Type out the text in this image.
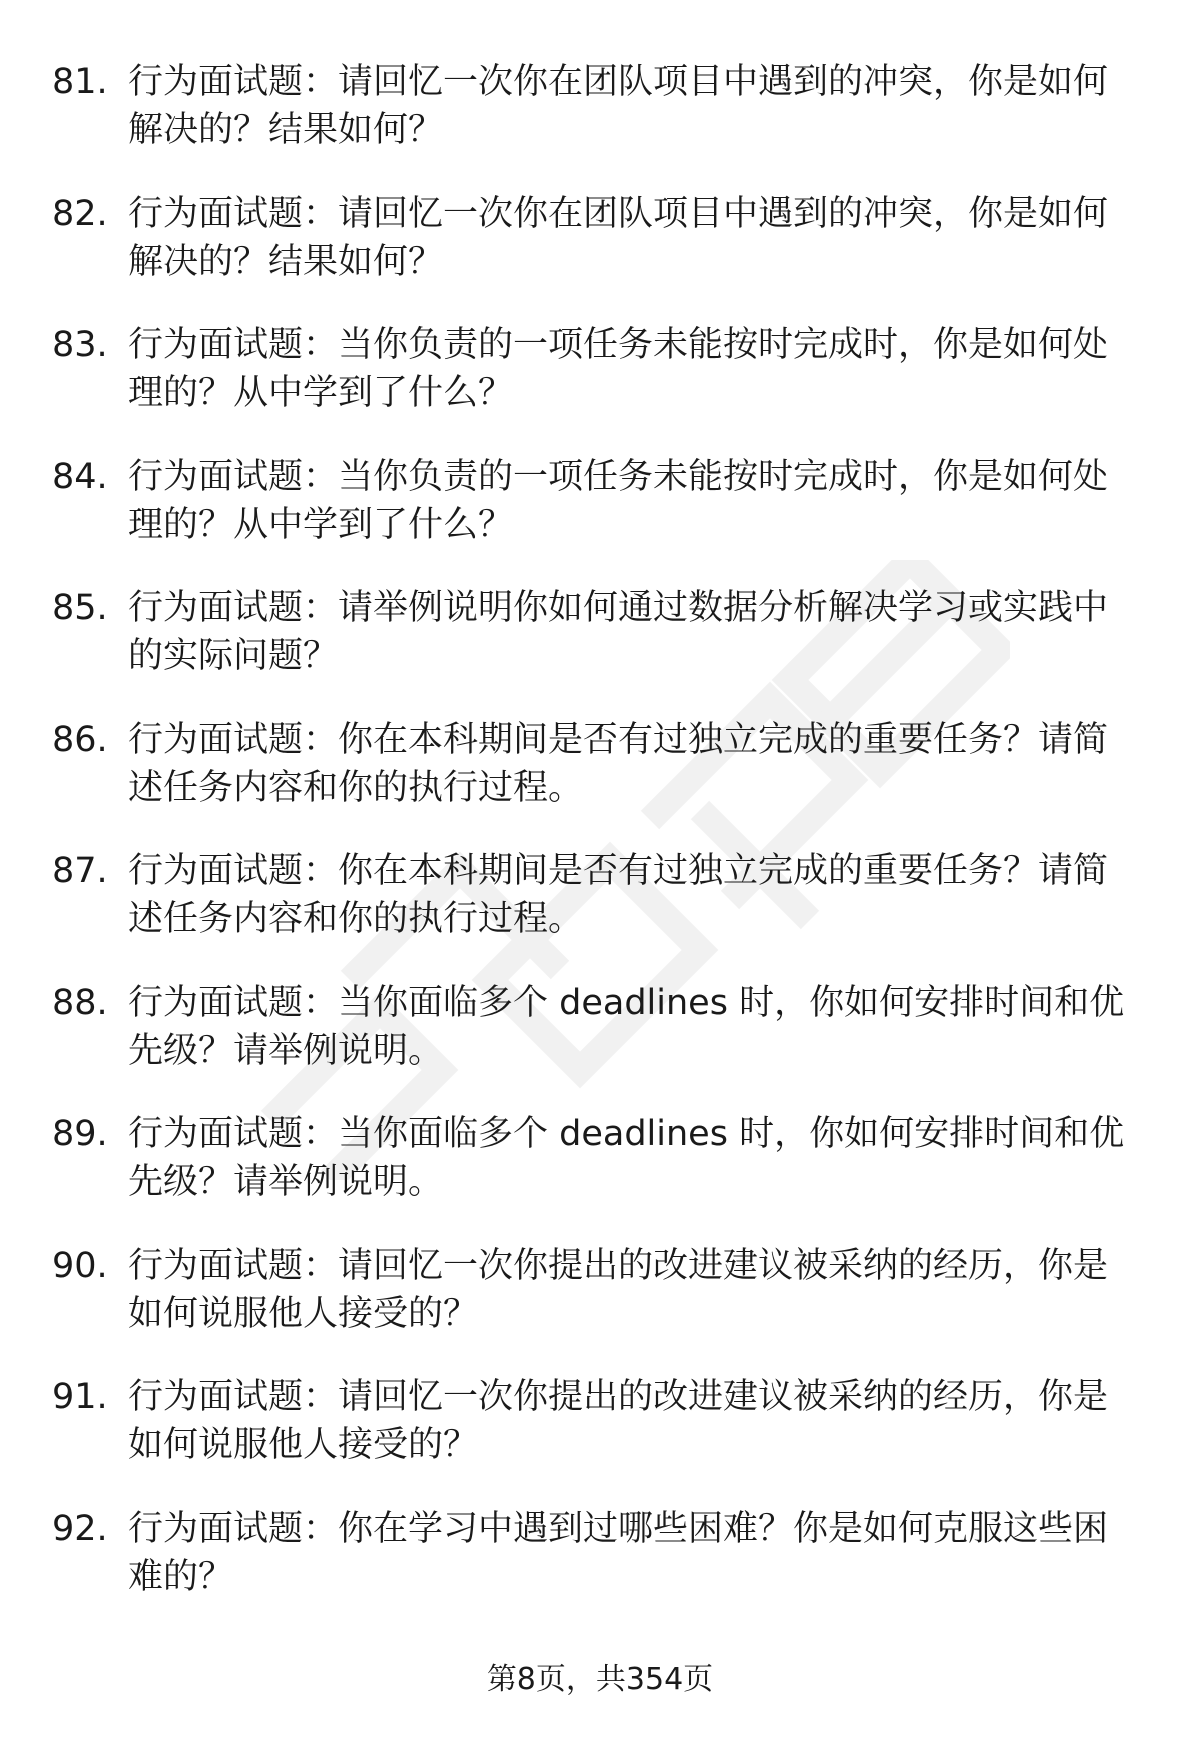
81. 行为面试题：请回忆一次你在团队项目中遇到的冲突，你是如何解决的？结果如何？
82. 行为面试题：请回忆一次你在团队项目中遇到的冲突，你是如何解决的？结果如何？
83. 行为面试题：当你负责的一项任务未能按时完成时，你是如何处理的？从中学到了什么？
84. 行为面试题：当你负责的一项任务未能按时完成时，你是如何处理的？从中学到了什么？
85. 行为面试题：请举例说明你如何通过数据分析解决学习或实践中的实际问题？
86. 行为面试题：你在本科期间是否有过独立完成的重要任务？请简述任务内容和你的执行过程。
87. 行为面试题：你在本科期间是否有过独立完成的重要任务？请简述任务内容和你的执行过程。
88. 行为面试题：当你面临多个 deadlines 时，你如何安排时间和优先级？请举例说明。
89. 行为面试题：当你面临多个 deadlines 时，你如何安排时间和优先级？请举例说明。
90. 行为面试题：请回忆一次你提出的改进建议被采纳的经历，你是如何说服他人接受的？
91. 行为面试题：请回忆一次你提出的改进建议被采纳的经历，你是如何说服他人接受的？
92. 行为面试题：你在学习中遇到过哪些困难？你是如何克服这些困难的？
第8页，共354页
